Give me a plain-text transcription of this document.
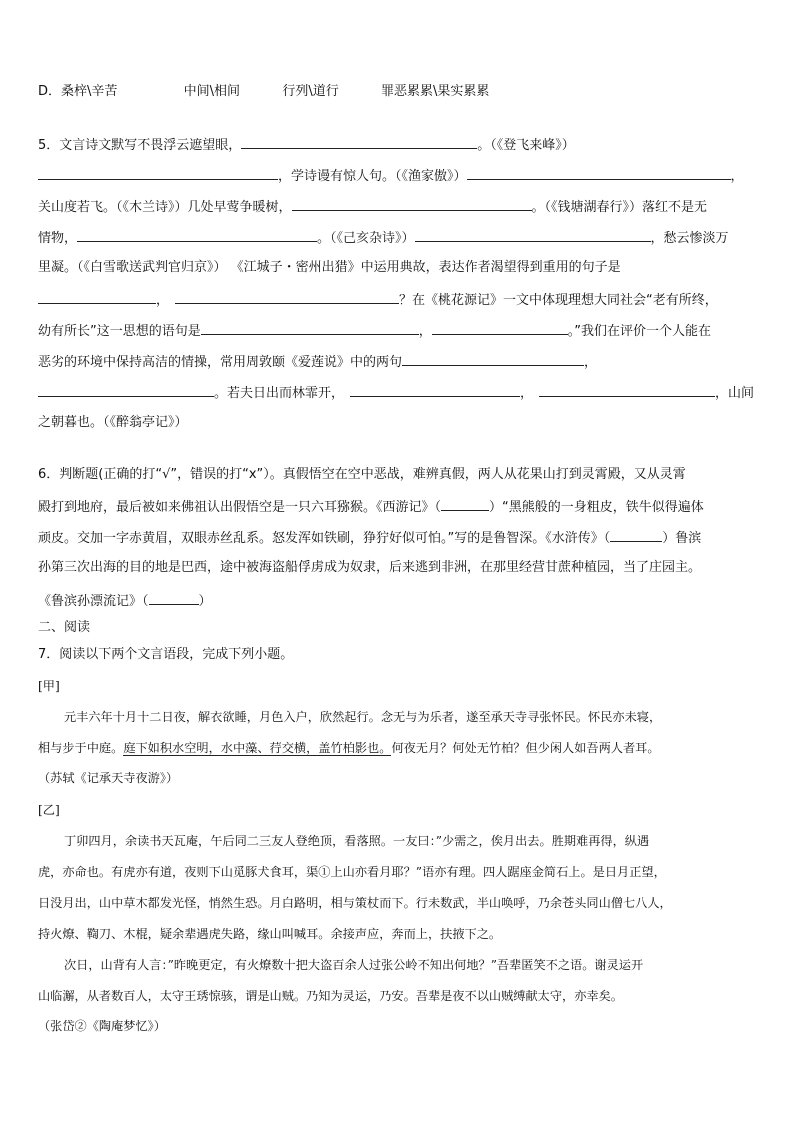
D．桑梓\辛苦	中间\相间	行列\道行	罪恶累累\果实累累
5．文言诗文默写不畏浮云遮望眼，	。（《登飞来峰》）
，学诗谩有惊人句。（《渔家傲》）	，
关山度若飞。（《木兰诗》）几处早莺争暖树，	。（《钱塘湖春行》）落红不是无
情物，	。（《己亥杂诗》）	，愁云惨淡万
里凝。（《白雪歌送武判官归京》） 《江城子・密州出猎》中运用典故，表达作者渴望得到重用的句子是
，	？在《桃花源记》一文中体现理想大同社会“老有所终，
幼有所长”这一思想的语句是	，	。”我们在评价一个人能在
恶劣的环境中保持高洁的情操，常用周敦颐《爱莲说》中的两句	，
。若夫日出而林霏开，	，	，山间
之朝暮也。（《醉翁亭记》）
6．判断题(正确的打“√”，错误的打“x”）。真假悟空在空中恶战，难辨真假，两人从花果山打到灵霄殿，又从灵霄
殿打到地府，最后被如来佛祖认出假悟空是一只六耳猕猴。《西游记》（	）“黑熊般的一身粗皮，铁牛似得遍体
顽皮。交加一字赤黄眉，双眼赤丝乱系。怒发浑如铁刷，狰狞好似可怕。”写的是鲁智深。《水浒传》（	）鲁滨
孙第三次出海的目的地是巴西，途中被海盗船俘虏成为奴隶，后来逃到非洲，在那里经营甘蔗种植园，当了庄园主。
《鲁滨孙漂流记》（	）
二、阅读
7．阅读以下两个文言语段，完成下列小题。
[甲]
元丰六年十月十二日夜，解衣欲睡，月色入户，欣然起行。念无与为乐者，遂至承天寺寻张怀民。怀民亦未寝，
相与步于中庭。庭下如积水空明，水中藻、荇交横，盖竹柏影也。何夜无月？何处无竹柏？但少闲人如吾两人者耳。
（苏轼《记承天寺夜游》）
[乙]
丁卯四月，余读书天瓦庵，午后同二三友人登绝顶，看落照。一友曰：”少需之，俟月出去。胜期难再得，纵遇
虎，亦命也。有虎亦有道，夜则下山觅豚犬食耳，渠①上山亦看月耶？”语亦有理。四人踞座金简石上。是日月正望，
日没月出，山中草木都发光怪，悄然生恐。月白路明，相与策杖而下。行未数武，半山唤呼，乃余苍头同山僧七八人，
持火燎、鞫刀、木棍，疑余辈遇虎失路，缘山叫喊耳。余接声应，奔而上，扶掖下之。
次日，山背有人言：”昨晚更定，有火燎数十把大盗百余人过张公岭不知出何地？”吾辈匿笑不之语。谢灵运开
山临澥，从者数百人，太守王琇惊骇，谓是山贼。乃知为灵运，乃安。吾辈是夜不以山贼缚献太守，亦幸矣。
（张岱②《陶庵梦忆》）
